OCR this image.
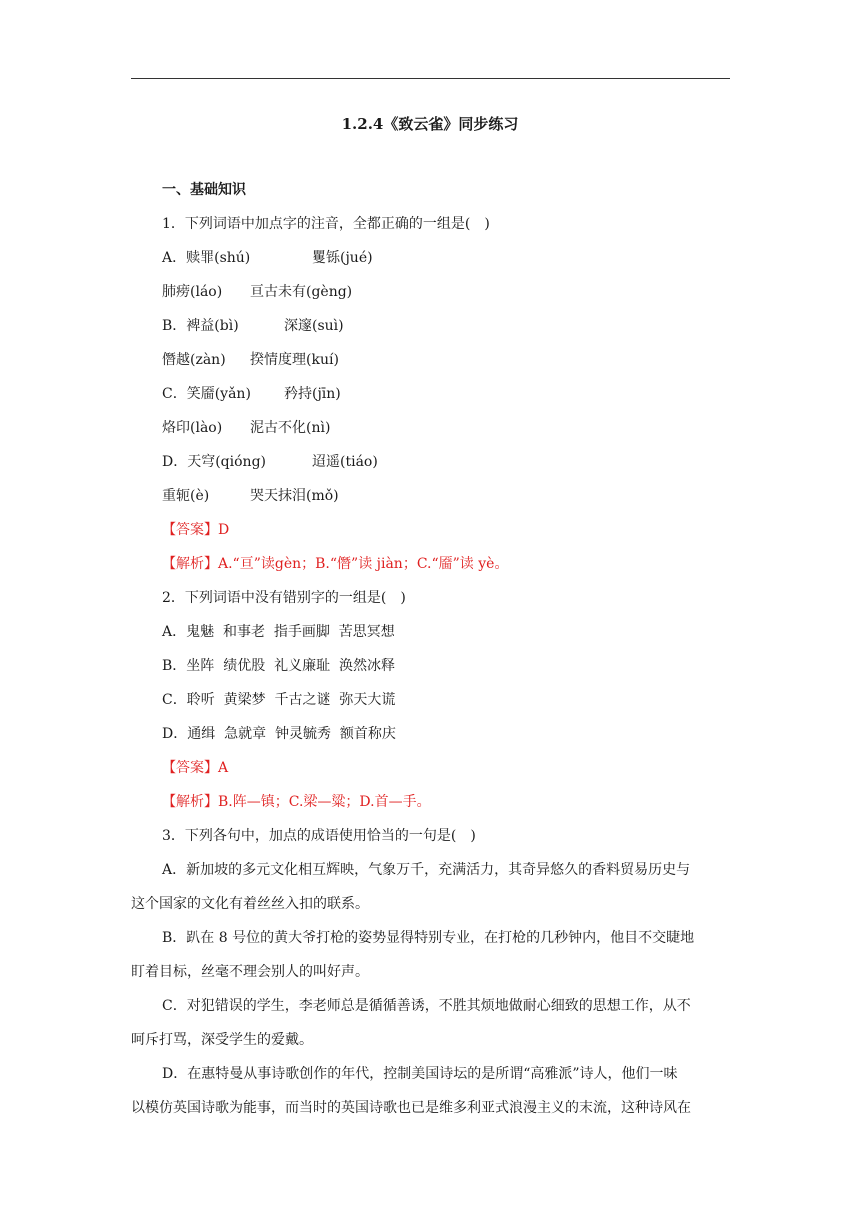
1.2.4《致云雀》同步练习
一、基础知识
1．下列词语中加点字的注音，全都正确的一组是(　)
A．赎罪(shú)	矍铄(jué)
肺痨(láo) 亘古未有(gèng)
B．裨益(bì)	深邃(suì)
僭越(zàn) 揆情度理(kuí)
C．笑靥(yǎn) 矜持(jīn)
烙印(lào) 泥古不化(nì)
D．天穹(qióng)	迢遥(tiáo)
重轭(è)	哭天抹泪(mǒ)
【答案】D
【解析】A.“亘”读gèn；B.“僭”读 jiàn；C.“靥”读 yè。
2．下列词语中没有错别字的一组是(　)
A．鬼魅  和事老  指手画脚  苦思冥想
B．坐阵  绩优股  礼义廉耻  涣然冰释
C．聆听  黄梁梦  千古之谜  弥天大谎
D．通缉  急就章  钟灵毓秀  额首称庆
【答案】A
【解析】B.阵—镇；C.梁—粱；D.首—手。
3．下列各句中，加点的成语使用恰当的一句是(　)
A．新加坡的多元文化相互辉映，气象万千，充满活力，其奇异悠久的香料贸易历史与
这个国家的文化有着丝丝入扣的联系。
B．趴在 8 号位的黄大爷打枪的姿势显得特别专业，在打枪的几秒钟内，他目不交睫地
盯着目标，丝毫不理会别人的叫好声。
C．对犯错误的学生，李老师总是循循善诱，不胜其烦地做耐心细致的思想工作，从不
呵斥打骂，深受学生的爱戴。
D．在惠特曼从事诗歌创作的年代，控制美国诗坛的是所谓“高雅派”诗人，他们一味
以模仿英国诗歌为能事，而当时的英国诗歌也已是维多利亚式浪漫主义的末流，这种诗风在
